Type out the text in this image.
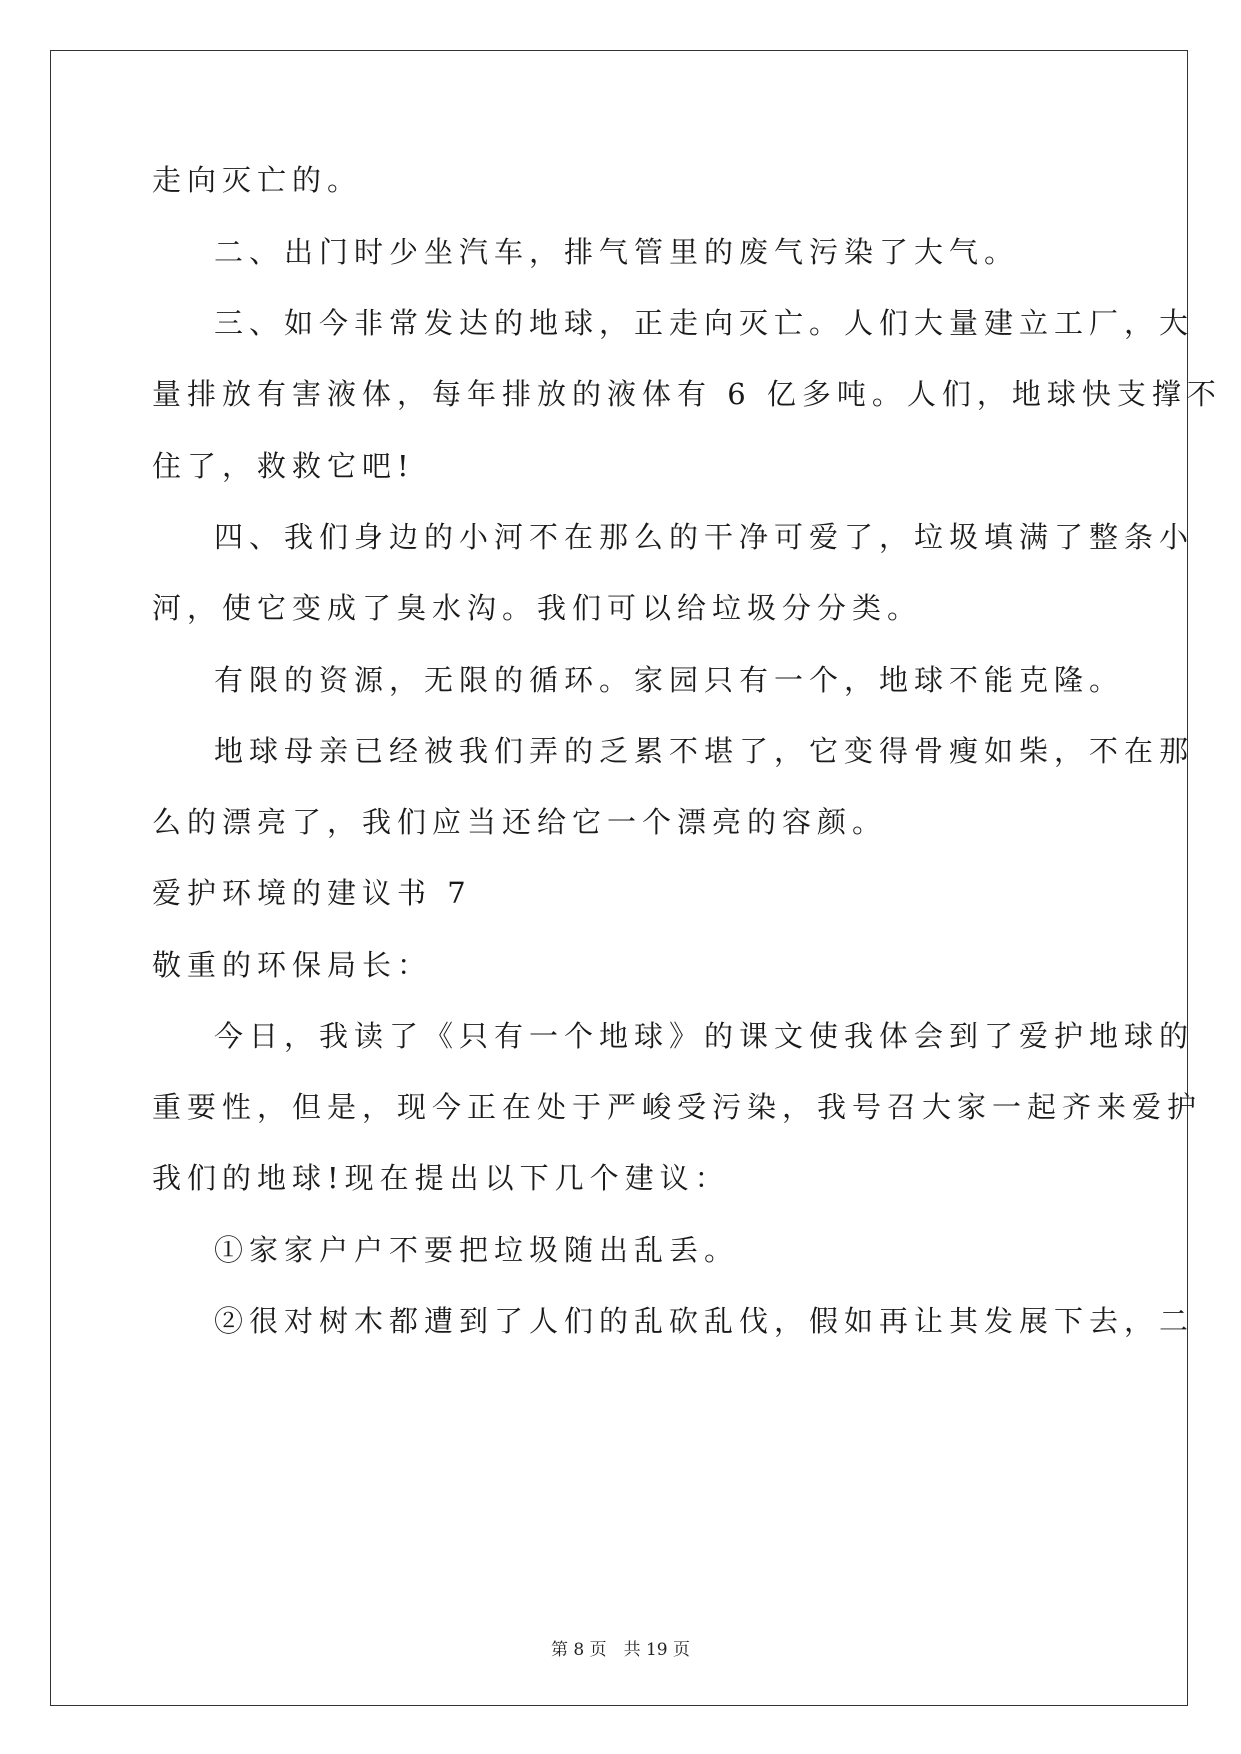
走向灭亡的。
二、出门时少坐汽车，排气管里的废气污染了大气。
三、如今非常发达的地球，正走向灭亡。人们大量建立工厂，大
量排放有害液体，每年排放的液体有 6 亿多吨。人们，地球快支撑不
住了，救救它吧!
四、我们身边的小河不在那么的干净可爱了，垃圾填满了整条小
河，使它变成了臭水沟。我们可以给垃圾分分类。
有限的资源，无限的循环。家园只有一个，地球不能克隆。
地球母亲已经被我们弄的乏累不堪了，它变得骨瘦如柴，不在那
么的漂亮了，我们应当还给它一个漂亮的容颜。
爱护环境的建议书 7
敬重的环保局长：
今日，我读了《只有一个地球》的课文使我体会到了爱护地球的
重要性，但是，现今正在处于严峻受污染，我号召大家一起齐来爱护
我们的地球!现在提出以下几个建议：
①家家户户不要把垃圾随出乱丢。
②很对树木都遭到了人们的乱砍乱伐，假如再让其发展下去，二
第 8 页　共 19 页
